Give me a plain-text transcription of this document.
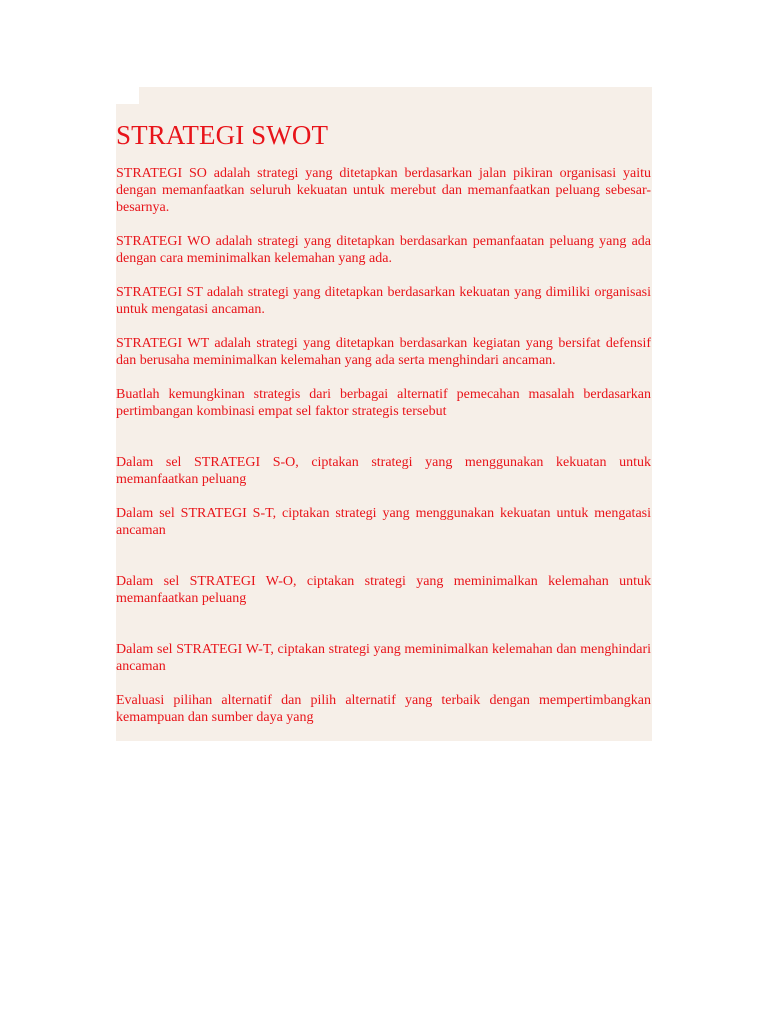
STRATEGI SWOT

STRATEGI SO adalah strategi yang ditetapkan berdasarkan jalan pikiran organisasi yaitu dengan memanfaatkan seluruh kekuatan untuk merebut dan memanfaatkan peluang sebesar-besarnya.

STRATEGI WO adalah strategi yang ditetapkan berdasarkan pemanfaatan peluang yang ada dengan cara meminimalkan kelemahan yang ada.

STRATEGI ST adalah strategi yang ditetapkan berdasarkan kekuatan yang dimiliki organisasi untuk mengatasi ancaman.

STRATEGI WT adalah strategi yang ditetapkan berdasarkan kegiatan yang bersifat defensif dan berusaha meminimalkan kelemahan yang ada serta menghindari ancaman.

Buatlah kemungkinan strategis dari berbagai alternatif pemecahan masalah berdasarkan pertimbangan kombinasi empat sel faktor strategis tersebut

Dalam sel STRATEGI S-O, ciptakan strategi yang menggunakan kekuatan untuk memanfaatkan peluang

Dalam sel STRATEGI S-T, ciptakan strategi yang menggunakan kekuatan untuk mengatasi ancaman

Dalam sel STRATEGI W-O, ciptakan strategi yang meminimalkan kelemahan untuk memanfaatkan peluang

Dalam sel STRATEGI W-T, ciptakan strategi yang meminimalkan kelemahan dan menghindari ancaman

Evaluasi pilihan alternatif dan pilih alternatif yang terbaik dengan mempertimbangkan kemampuan dan sumber daya yang
